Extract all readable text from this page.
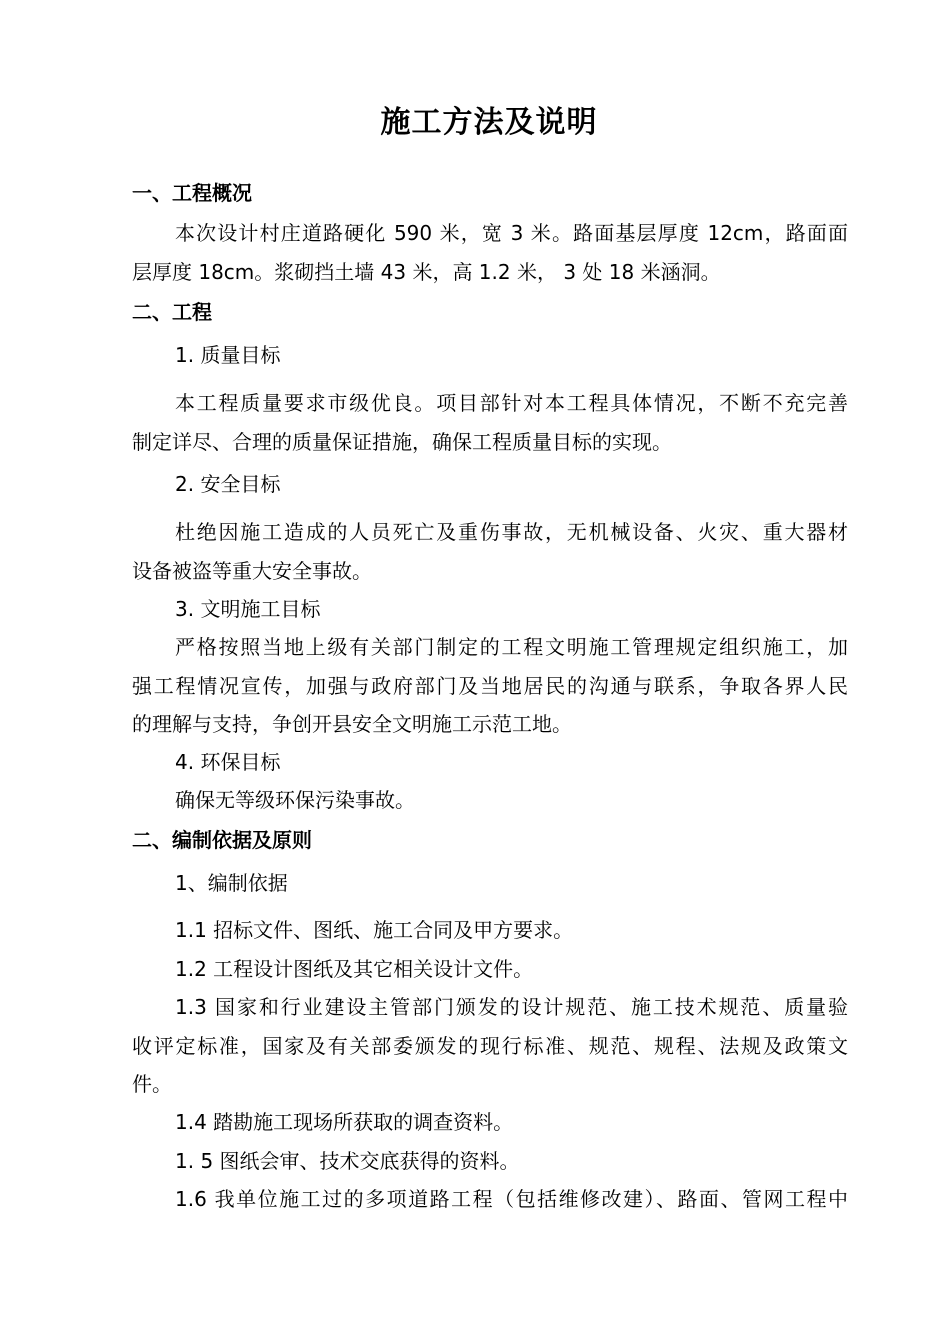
施工方法及说明
一、工程概况
本次设计村庄道路硬化 590 米，宽 3 米。路面基层厚度 12cm，路面面
层厚度 18cm。浆砌挡土墙 43 米，高 1.2 米， 3 处 18 米涵洞。
二、工程
1. 质量目标
本工程质量要求市级优良。项目部针对本工程具体情况，不断不充完善
制定详尽、合理的质量保证措施，确保工程质量目标的实现。
2. 安全目标
杜绝因施工造成的人员死亡及重伤事故，无机械设备、火灾、重大器材
设备被盗等重大安全事故。
3. 文明施工目标
严格按照当地上级有关部门制定的工程文明施工管理规定组织施工，加
强工程情况宣传，加强与政府部门及当地居民的沟通与联系，争取各界人民
的理解与支持，争创开县安全文明施工示范工地。
4. 环保目标
确保无等级环保污染事故。
二、编制依据及原则
1、编制依据
1.1 招标文件、图纸、施工合同及甲方要求。
1.2 工程设计图纸及其它相关设计文件。
1.3 国家和行业建设主管部门颁发的设计规范、施工技术规范、质量验
收评定标准，国家及有关部委颁发的现行标准、规范、规程、法规及政策文
件。
1.4 踏勘施工现场所获取的调查资料。
1. 5 图纸会审、技术交底获得的资料。
1.6 我单位施工过的多项道路工程（包括维修改建）、路面、管网工程中
